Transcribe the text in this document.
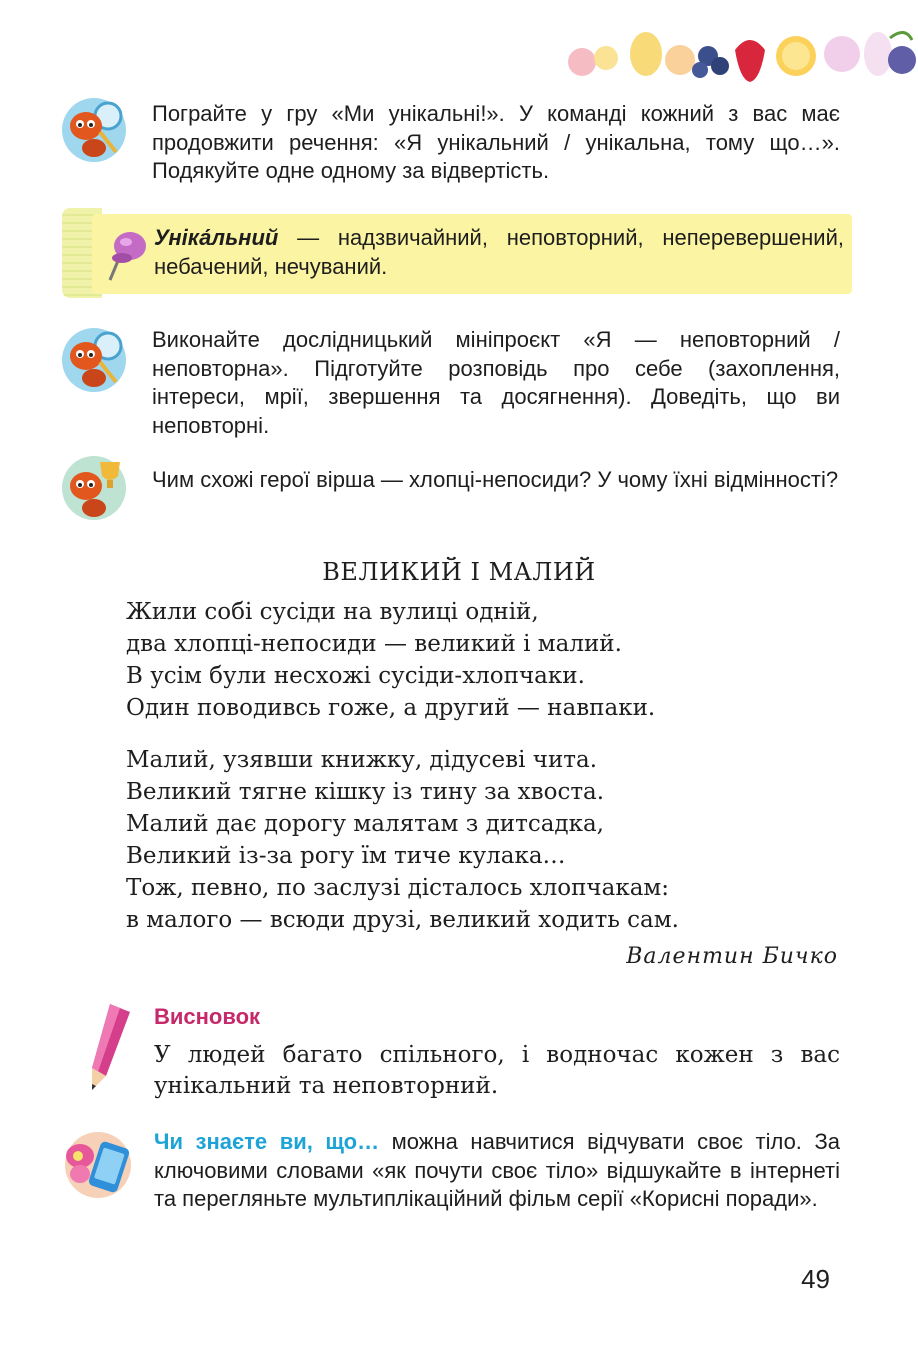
Пограйте у гру «Ми унікальні!». У команді кожний з вас має продовжити речення: «Я унікальний / унікальна, тому що…». Подякуйте одне одному за відвертість.
Уніка́льний — надзвичайний, неповторний, неперевершений, небачений, нечуваний.
Виконайте дослідницький мініпроєкт «Я — неповторний / неповторна». Підготуйте розповідь про себе (захоплення, інтереси, мрії, звершення та досягнення). Доведіть, що ви неповторні.
Чим схожі герої вірша — хлопці-непосиди? У чому їхні відмінності?
ВЕЛИКИЙ І МАЛИЙ
Жили собі сусіди на вулиці одній,
два хлопці-непосиди — великий і малий.
В усім були несхожі сусіди-хлопчаки.
Один поводивсь гоже, а другий — навпаки.
Малий, узявши книжку, дідусеві чита.
Великий тягне кішку із тину за хвоста.
Малий дає дорогу малятам з дитсадка,
Великий із-за рогу їм тиче кулака…
Тож, певно, по заслузі дісталось хлопчакам:
в малого — всюди друзі, великий ходить сам.
Валентин Бичко
Висновок
У людей багато спільного, і водночас кожен з вас унікальний та неповторний.
Чи знаєте ви, що… можна навчитися відчувати своє тіло. За ключовими словами «як почути своє тіло» відшукайте в інтернеті та перегляньте мультиплікаційний фільм серії «Корисні поради».
49
